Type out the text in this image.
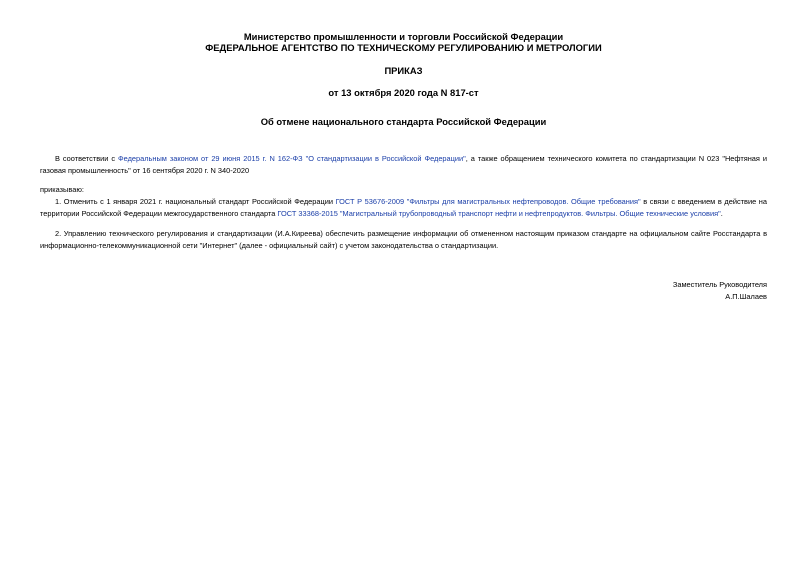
Министерство промышленности и торговли Российской Федерации
ФЕДЕРАЛЬНОЕ АГЕНТСТВО ПО ТЕХНИЧЕСКОМУ РЕГУЛИРОВАНИЮ И МЕТРОЛОГИИ
ПРИКАЗ
от 13 октября 2020 года N 817-ст
Об отмене национального стандарта Российской Федерации
В соответствии с Федеральным законом от 29 июня 2015 г. N 162-ФЗ "О стандартизации в Российской Федерации", а также обращением технического комитета по стандартизации N 023 "Нефтяная и газовая промышленность" от 16 сентября 2020 г. N 340-2020
приказываю:
1. Отменить с 1 января 2021 г. национальный стандарт Российской Федерации ГОСТ Р 53676-2009 "Фильтры для магистральных нефтепроводов. Общие требования" в связи с введением в действие на территории Российской Федерации межгосударственного стандарта ГОСТ 33368-2015 "Магистральный трубопроводный транспорт нефти и нефтепродуктов. Фильтры. Общие технические условия".
2. Управлению технического регулирования и стандартизации (И.А.Киреева) обеспечить размещение информации об отмененном настоящим приказом стандарте на официальном сайте Росстандарта в информационно-телекоммуникационной сети "Интернет" (далее - официальный сайт) с учетом законодательства о стандартизации.
Заместитель Руководителя
А.П.Шалаев
